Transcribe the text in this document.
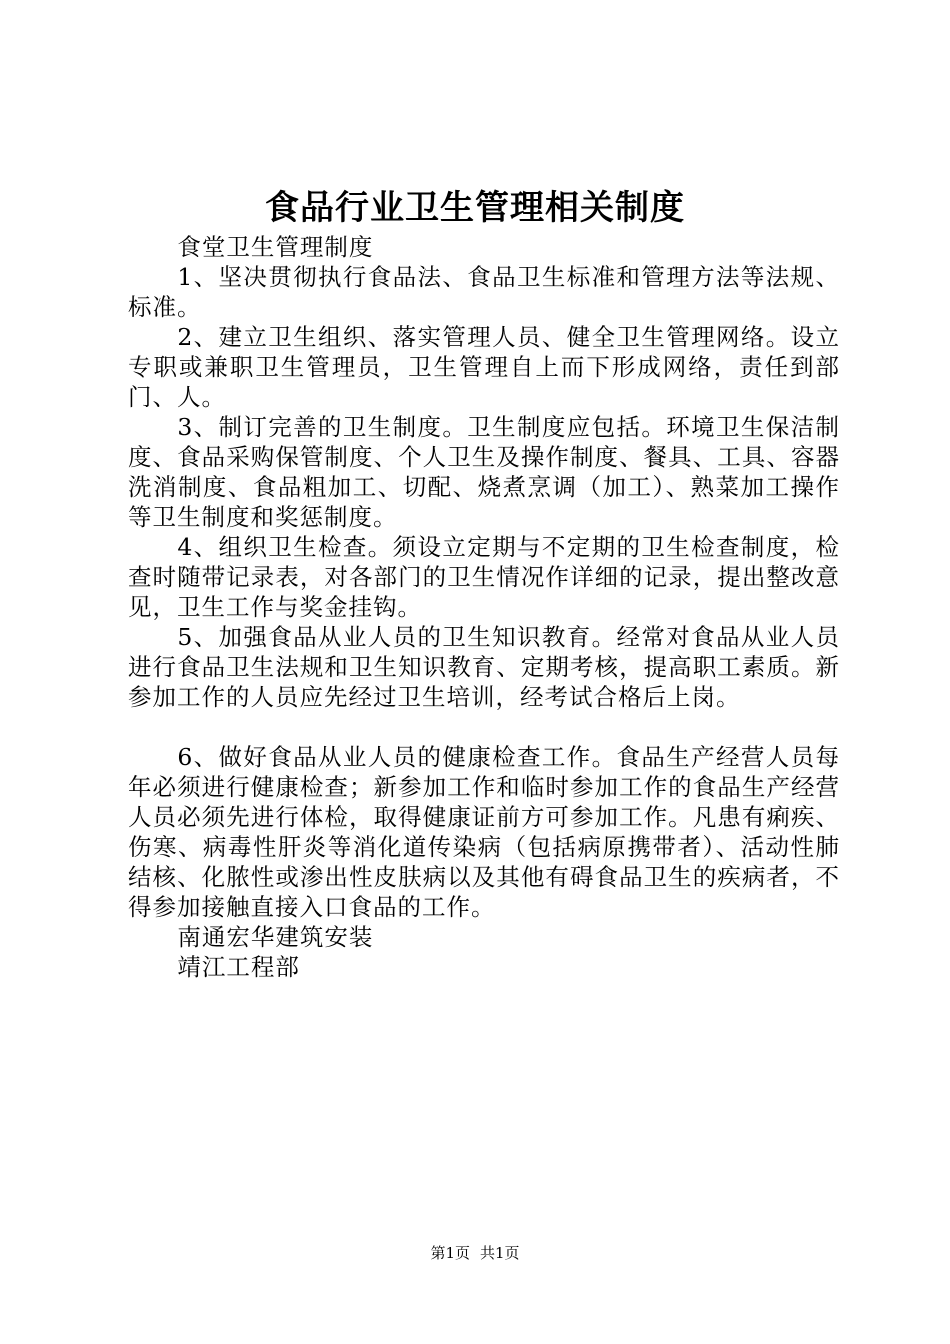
食品行业卫生管理相关制度

食堂卫生管理制度

1、坚决贯彻执行食品法、食品卫生标准和管理方法等法规、标准。

2、建立卫生组织、落实管理人员、健全卫生管理网络。设立专职或兼职卫生管理员，卫生管理自上而下形成网络，责任到部门、人。

3、制订完善的卫生制度。卫生制度应包括。环境卫生保洁制度、食品采购保管制度、个人卫生及操作制度、餐具、工具、容器洗消制度、食品粗加工、切配、烧煮烹调（加工）、熟菜加工操作等卫生制度和奖惩制度。

4、组织卫生检查。须设立定期与不定期的卫生检查制度，检查时随带记录表，对各部门的卫生情况作详细的记录，提出整改意见，卫生工作与奖金挂钩。

5、加强食品从业人员的卫生知识教育。经常对食品从业人员进行食品卫生法规和卫生知识教育、定期考核，提高职工素质。新参加工作的人员应先经过卫生培训，经考试合格后上岗。

6、做好食品从业人员的健康检查工作。食品生产经营人员每年必须进行健康检查；新参加工作和临时参加工作的食品生产经营人员必须先进行体检，取得健康证前方可参加工作。凡患有痢疾、伤寒、病毒性肝炎等消化道传染病（包括病原携带者）、活动性肺结核、化脓性或渗出性皮肤病以及其他有碍食品卫生的疾病者，不得参加接触直接入口食品的工作。

南通宏华建筑安装

靖江工程部

第1页 共1页
